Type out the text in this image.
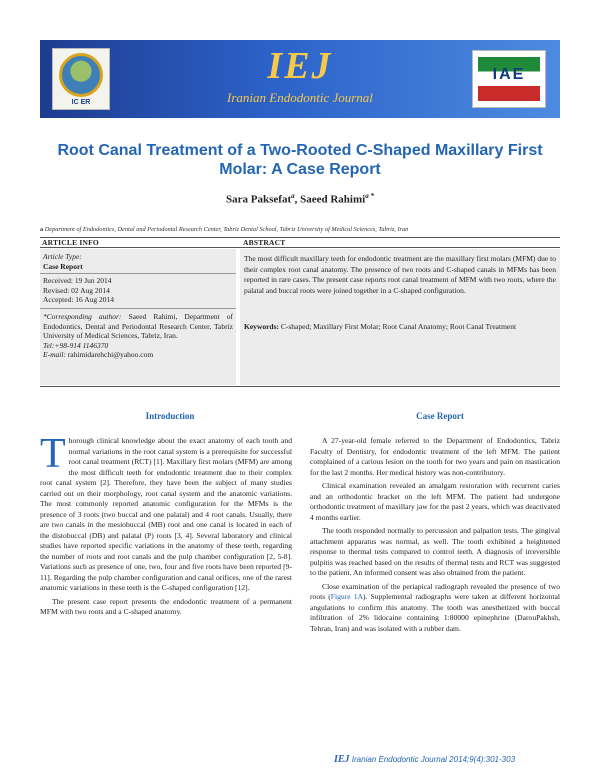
IC ER
IEJ
Iranian Endodontic Journal
IAE
Root Canal Treatment of a Two-Rooted C-Shaped Maxillary First Molar: A Case Report
Sara Paksefat$^a$, Saeed Rahimi$^{a *}$
a Department of Endodontics, Dental and Periodontal Research Center, Tabriz Dental School, Tabriz University of Medical Sciences, Tabriz, Iran
ARTICLE INFO	ABSTRACT
Article Type:
Case Report
Received: 19 Jun 2014
Revised: 02 Aug 2014
Accepted: 16 Aug 2014
*Corresponding author: Saeed Rahimi, Department of Endodontics, Dental and Periodontal Research Center, Tabriz University of Medical Sciences, Tabriz, Iran.
Tel:+98-914 1146370
E-mail: rahimidarehchi@yahoo.com
The most difficult maxillary teeth for endodontic treatment are the maxillary first molars (MFM) due to their complex root canal anatomy. The presence of two roots and C-shaped canals in MFMs has been reported in rare cases. The present case reports root canal treatment of MFM with two roots, where the palatal and buccal roots were joined together in a C-shaped configuration.
Keywords: C-shaped; Maxillary First Molar; Root Canal Anatomy; Root Canal Treatment
Introduction	Case Report

Thorough clinical knowledge about the exact anatomy of each tooth and normal variations in the root canal system is a prerequisite for successful root canal treatment (RCT) [1]. Maxillary first molars (MFM) are among the most difficult teeth for endodontic treatment due to their complex root canal system [2]. Therefore, they have been the subject of many studies carried out on their morphology, root canal system and the anatomic variations. The most commonly reported anatomic configuration for the MFMs is the presence of 3 roots (two buccal and one palatal) and 4 root canals. Usually, there are two canals in the mesiobuccal (MB) root and one canal is located in each of the distobuccal (DB) and palatal (P) roots [3, 4]. Several laboratory and clinical studies have reported specific variations in the anatomy of these teeth, regarding the number of roots and root canals and the pulp chamber configuration [2, 5-8]. Variations such as presence of one, two, four and five roots have been reported [9-11]. Regarding the pulp chamber configuration and canal orifices, one of the rarest anatomic variations in these teeth is the C-shaped configuration [12].

The present case report presents the endodontic treatment of a permanent MFM with two roots and a C-shaped anatomy.

A 27-year-old female referred to the Department of Endodontics, Tabriz Faculty of Dentistry, for endodontic treatment of the left MFM. The patient complained of a carious lesion on the tooth for two years and pain on mastication for the last 2 months. Her medical history was non-contributory.

Clinical examination revealed an amalgam restoration with recurrent caries and an orthodontic bracket on the left MFM. The patient had undergone orthodontic treatment of maxillary jaw for the past 2 years, which was deactivated 4 months earlier.

The tooth responded normally to percussion and palpation tests. The gingival attachment apparatus was normal, as well. The tooth exhibited a heightened response to thermal tests compared to control teeth. A diagnosis of irreversible pulpitis was reached based on the results of thermal tests and RCT was suggested to the patient. An informed consent was also obtained from the patient.

Close examination of the periapical radiograph revealed the presence of two roots (Figure 1A). Supplemental radiographs were taken at different horizontal angulations to confirm this anatomy. The tooth was anesthetized with buccal infiltration of 2% lidocaine containing 1:80000 epinephrine (DarouPakhsh, Tehran, Iran) and was isolated with a rubber dam.

IEJ Iranian Endodontic Journal 2014;9(4):301-303
